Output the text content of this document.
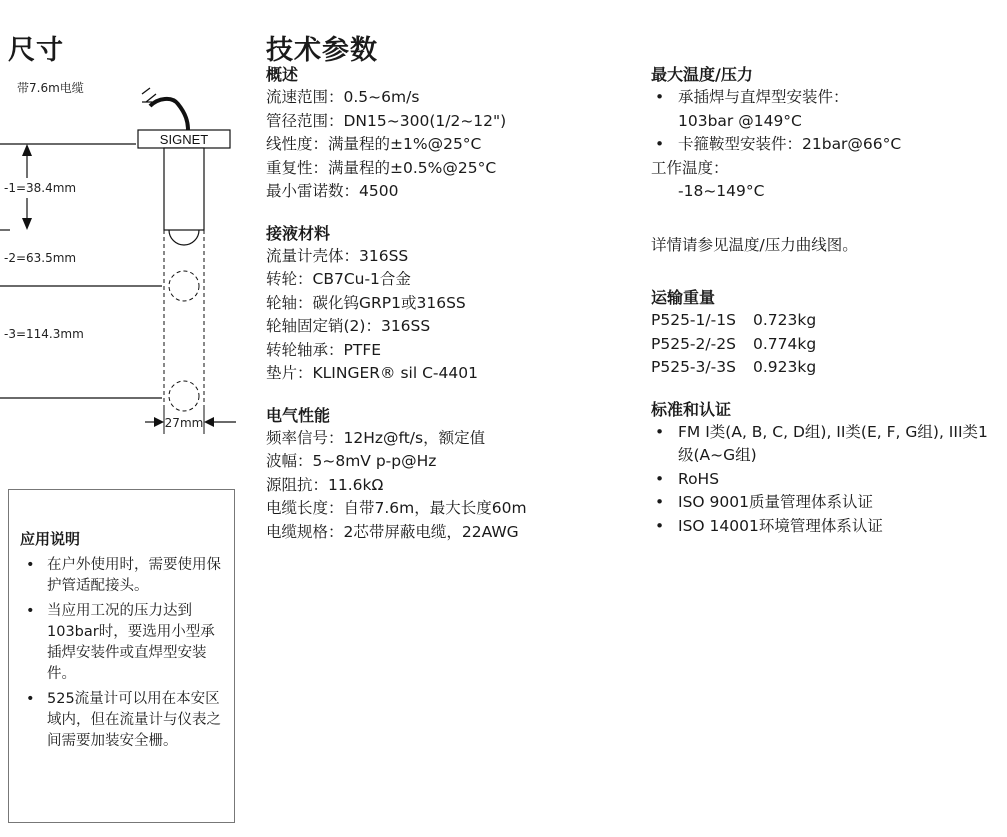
尺寸
带7.6m电缆
SIGNET
-1=38.4mm
-2=63.5mm
-3=114.3mm
27mm
应用说明
• 在户外使用时，需要使用保护管适配接头。
• 当应用工况的压力达到103bar时，要选用小型承插焊安装件或直焊型安装件。
• 525流量计可以用在本安区域内，但在流量计与仪表之间需要加装安全栅。
技术参数
概述
流速范围：0.5~6m/s
管径范围：DN15~300(1/2~12")
线性度：满量程的±1%@25°C
重复性：满量程的±0.5%@25°C
最小雷诺数：4500
接液材料
流量计壳体：316SS
转轮：CB7Cu-1合金
轮轴：碳化钨GRP1或316SS
轮轴固定销(2)：316SS
转轮轴承：PTFE
垫片：KLINGER® sil C-4401
电气性能
频率信号：12Hz@ft/s，额定值
波幅：5~8mV p-p@Hz
源阻抗：11.6kΩ
电缆长度：自带7.6m，最大长度60m
电缆规格：2芯带屏蔽电缆，22AWG
最大温度/压力
• 承插焊与直焊型安装件：
103bar @149°C
• 卡箍鞍型安装件：21bar@66°C
工作温度：
-18~149°C
详情请参见温度/压力曲线图。
运输重量
P525-1/-1S	0.723kg
P525-2/-2S	0.774kg
P525-3/-3S	0.923kg
标准和认证
• FM I类(A, B, C, D组), II类(E, F, G组), III类1级(A~G组)
• RoHS
• ISO 9001质量管理体系认证
• ISO 14001环境管理体系认证
